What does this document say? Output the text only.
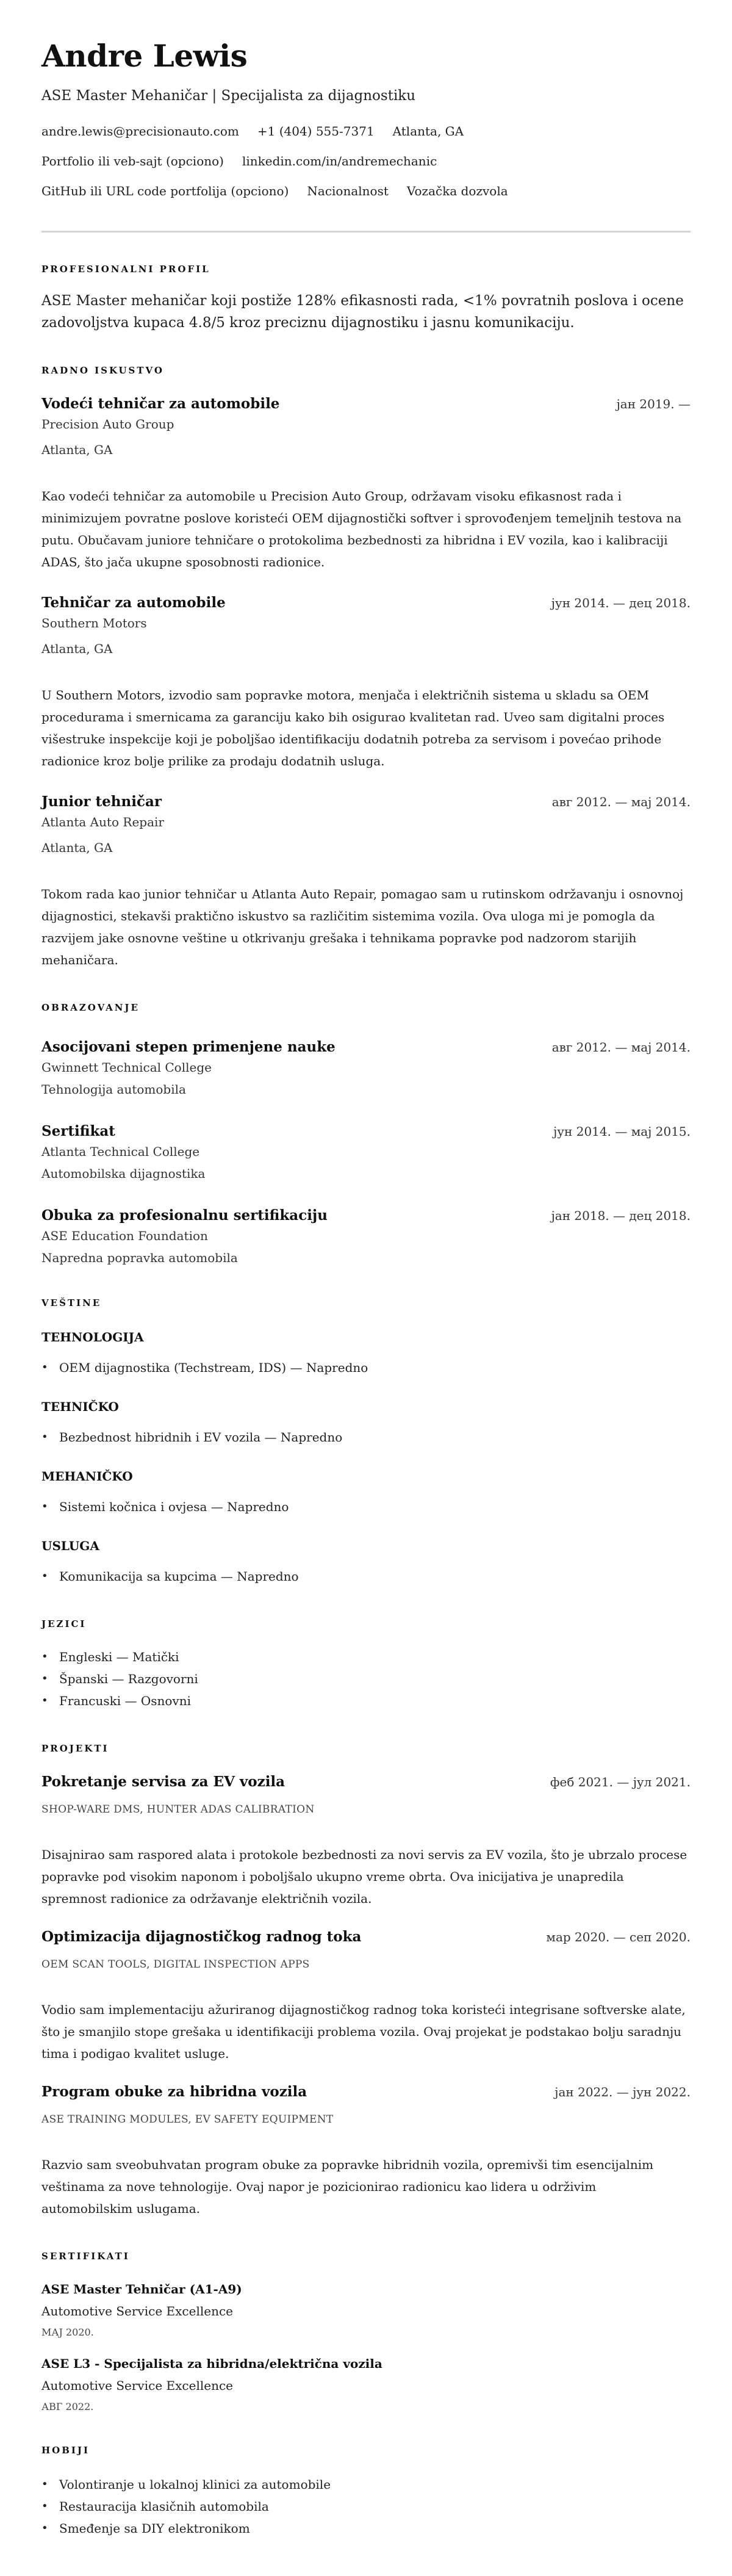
Andre Lewis
ASE Master Mehaničar | Specijalista za dijagnostiku
andre.lewis@precisionauto.com +1 (404) 555-7371 Atlanta, GA
Portfolio ili veb-sajt (opciono) linkedin.com/in/andremechanic
GitHub ili URL code portfolija (opciono) Nacionalnost Vozačka dozvola
PROFESIONALNI PROFIL

ASE Master mehaničar koji postiže 128% efikasnosti rada, <1% povratnih poslova i ocene zadovoljstva kupaca 4.8/5 kroz preciznu dijagnostiku i jasnu komunikaciju.

RADNO ISKUSTVO
Vodeći tehničar za automobile	јан 2019. —
Precision Auto Group
Atlanta, GA

Kao vodeći tehničar za automobile u Precision Auto Group, održavam visoku efikasnost rada i minimizujem povratne poslove koristeći OEM dijagnostički softver i sprovođenjem temeljnih testova na putu. Obučavam juniore tehničare o protokolima bezbednosti za hibridna i EV vozila, kao i kalibraciji ADAS, što jača ukupne sposobnosti radionice.

Tehničar za automobile	јун 2014. — дец 2018.
Southern Motors
Atlanta, GA

U Southern Motors, izvodio sam popravke motora, menjača i električnih sistema u skladu sa OEM procedurama i smernicama za garanciju kako bih osigurao kvalitetan rad. Uveo sam digitalni proces višestruke inspekcije koji je poboljšao identifikaciju dodatnih potreba za servisom i povećao prihode radionice kroz bolje prilike za prodaju dodatnih usluga.

Junior tehničar	авг 2012. — мај 2014.
Atlanta Auto Repair
Atlanta, GA

Tokom rada kao junior tehničar u Atlanta Auto Repair, pomagao sam u rutinskom održavanju i osnovnoj dijagnostici, stekavši praktično iskustvo sa različitim sistemima vozila. Ova uloga mi je pomogla da razvijem jake osnovne veštine u otkrivanju grešaka i tehnikama popravke pod nadzorom starijih mehaničara.

OBRAZOVANJE
Asocijovani stepen primenjene nauke	авг 2012. — мај 2014.
Gwinnett Technical College
Tehnologija automobila
Sertifikat	јун 2014. — мај 2015.
Atlanta Technical College
Automobilska dijagnostika
Obuka za profesionalnu sertifikaciju	јан 2018. — дец 2018.
ASE Education Foundation
Napredna popravka automobila
VEŠTINE
TEHNOLOGIJA
• OEM dijagnostika (Techstream, IDS) — Napredno
TEHNIČKO
• Bezbednost hibridnih i EV vozila — Napredno
MEHANIČKO
• Sistemi kočnica i ovjesa — Napredno
USLUGA
• Komunikacija sa kupcima — Napredno
JEZICI
• Engleski — Matički
• Španski — Razgovorni
• Francuski — Osnovni
PROJEKTI
Pokretanje servisa za EV vozila	феб 2021. — јул 2021.
SHOP-WARE DMS, HUNTER ADAS CALIBRATION

Disajnirao sam raspored alata i protokole bezbednosti za novi servis za EV vozila, što je ubrzalo procese popravke pod visokim naponom i poboljšalo ukupno vreme obrta. Ova inicijativa je unapredila spremnost radionice za održavanje električnih vozila.

Optimizacija dijagnostičkog radnog toka	мар 2020. — сеп 2020.
OEM SCAN TOOLS, DIGITAL INSPECTION APPS

Vodio sam implementaciju ažuriranog dijagnostičkog radnog toka koristeći integrisane softverske alate, što je smanjilo stope grešaka u identifikaciji problema vozila. Ovaj projekat je podstakao bolju saradnju tima i podigao kvalitet usluge.

Program obuke za hibridna vozila	јан 2022. — јун 2022.
ASE TRAINING MODULES, EV SAFETY EQUIPMENT

Razvio sam sveobuhvatan program obuke za popravke hibridnih vozila, opremivši tim esencijalnim veštinama za nove tehnologije. Ovaj napor je pozicionirao radionicu kao lidera u održivim automobilskim uslugama.

SERTIFIKATI
ASE Master Tehničar (A1-A9)
Automotive Service Excellence
МАЈ 2020.
ASE L3 - Specijalista za hibridna/električna vozila
Automotive Service Excellence
АВГ 2022.
HOBIJI
• Volontiranje u lokalnoj klinici za automobile
• Restauracija klasičnih automobila
• Smeđenje sa DIY elektronikom
